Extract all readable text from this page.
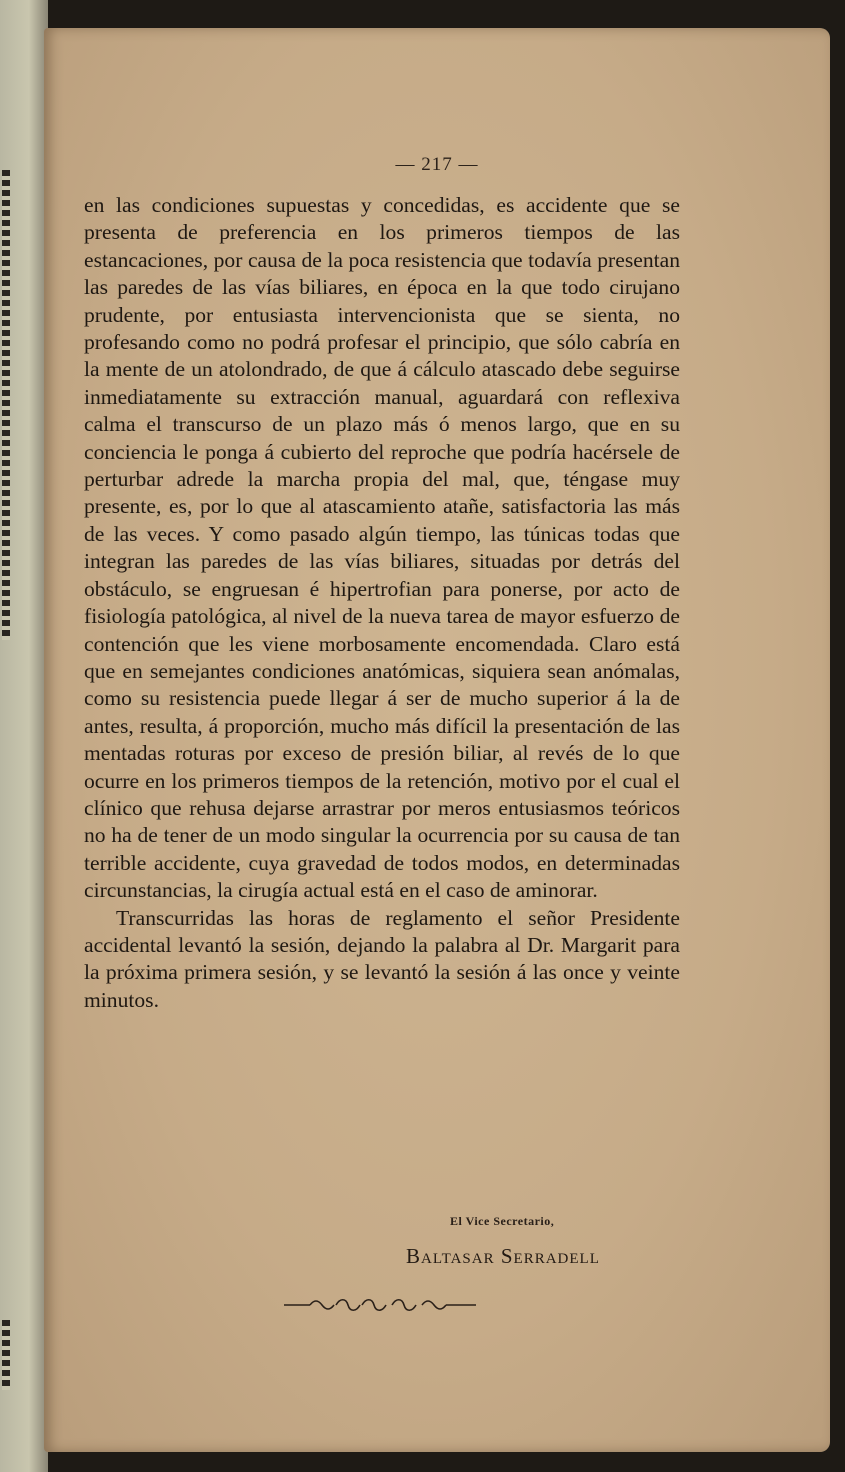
— 217 —

en las condiciones supuestas y concedidas, es accidente que se presenta de preferencia en los primeros tiempos de las estancaciones, por causa de la poca resistencia que todavía presentan las paredes de las vías biliares, en época en la que todo cirujano prudente, por entusiasta intervencionista que se sienta, no profesando como no podrá profesar el principio, que sólo cabría en la mente de un atolondrado, de que á cálculo atascado debe seguirse inmediatamente su extracción manual, aguardará con reflexiva calma el transcurso de un plazo más ó menos largo, que en su conciencia le ponga á cubierto del reproche que podría hacérsele de perturbar adrede la marcha propia del mal, que, téngase muy presente, es, por lo que al atascamiento atañe, satisfactoria las más de las veces. Y como pasado algún tiempo, las túnicas todas que integran las paredes de las vías biliares, situadas por detrás del obstáculo, se engruesan é hipertrofian para ponerse, por acto de fisiología patológica, al nivel de la nueva tarea de mayor esfuerzo de contención que les viene morbosamente encomendada. Claro está que en semejantes condiciones anatómicas, siquiera sean anómalas, como su resistencia puede llegar á ser de mucho superior á la de antes, resulta, á proporción, mucho más difícil la presentación de las mentadas roturas por exceso de presión biliar, al revés de lo que ocurre en los primeros tiempos de la retención, motivo por el cual el clínico que rehusa dejarse arrastrar por meros entusiasmos teóricos no ha de tener de un modo singular la ocurrencia por su causa de tan terrible accidente, cuya gravedad de todos modos, en determinadas circunstancias, la cirugía actual está en el caso de aminorar.

Transcurridas las horas de reglamento el señor Presidente accidental levantó la sesión, dejando la palabra al Dr. Margarit para la próxima primera sesión, y se levantó la sesión á las once y veinte minutos.

El Vice Secretario,
Baltasar Serradell
